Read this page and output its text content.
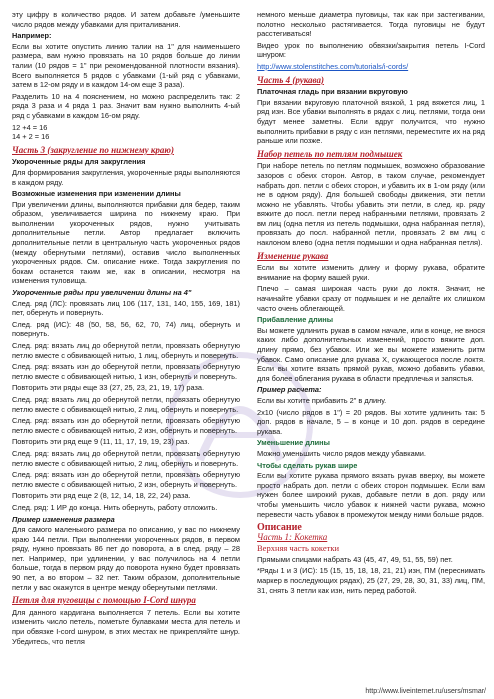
эту цифру в количество рядов. И затем добавьте /уменьшите число рядов между убавками для приталивания.

Например:

Если вы хотите опустить линию талии на 1" для наименьшего размера, вам нужно провязать на 10 рядов больше до линии талии (10 рядов = 1" при рекомендованной плотности вязания). Всего выполняется 5 рядов с убавками (1-ый ряд с убавками, затем в 12-ом ряду и в каждом 14-ом еще 3 раза).

Разделить 10 на 4 пояснением, но можно распределить так: 2 ряда 3 раза и 4 ряда 1 раз. Значит вам нужно выполнить 4-ый ряд с убавками в каждом 16-ом ряду.

12 +4 = 16
14 + 2 = 16
Часть 3 (закругление по нижнему краю)
Укороченные ряды для закругления

Для формирования закругления, укороченные ряды выполняются в каждом ряду.

Возможные изменения при изменении длины

При увеличении длины, выполняются прибавки для бедер, таким образом, увеличивается ширина по нижнему краю. При выполнении укороченных рядов, нужно учитывать дополнительные петли. Автор предлагает включить дополнительные петли в центральную часть укороченных рядов (между обернутыми петлями), оставив число выполненных укороченных рядов. См. описание ниже. Тогда закругления по бокам останется таким же, как в описании, несмотря на изменения туловища.

Укороченные ряды при увеличении длины на 4"

След. ряд (ЛС): провязать лиц 106 (117, 131, 140, 155, 169, 181) пет, обернуть и повернуть.

След. ряд (ИС): 48 (50, 58, 56, 62, 70, 74) лиц, обернуть и повернуть.

След. ряд: вязать лиц до обернутой петли, провязать обернутую петлю вместе с обвивающей нитью, 1 лиц, обернуть и повернуть.

След. ряд: вязать изн до обернутой петли, провязать обернутую петлю вместе с обвивающей нитью, 1 изн, обернуть и повернуть.

Повторить эти ряды еще 33 (27, 25, 23, 21, 19, 17) раза.

След. ряд: вязать лиц до обернутой петли, провязать обернутую петлю вместе с обвивающей нитью, 2 лиц, обернуть и повернуть.

След. ряд: вязать изн до обернутой петли, провязать обернутую петлю вместе с обвивающей нитью, 2 изн, обернуть и повернуть.

Повторить эти ряд еще 9 (11, 11, 17, 19, 19, 23) раз.

След. ряд: вязать лиц до обернутой петли, провязать обернутую петлю вместе с обвивающей нитью, 2 лиц, обернуть и повернуть.

След. ряд: вязать изн до обернутой петли, провязать обернутую петлю вместе с обвивающей нитью, 2 изн, обернуть и повернуть.

Повторить эти ряд еще 2 (8, 12, 14, 18, 22, 24) раза.

След. ряд: 1 ИР до конца. Нить обернуть, работу отложить.

Пример изменения размера

Для самого маленького размера по описанию, у вас по нижнему краю 144 петли. При выполнении укороченных рядов, в первом ряду, нужно провязать 86 пет до поворота, а в след. ряду – 28 пет. Например, при удлинении, у вас получилось на 4 петли больше, тогда в первом ряду до поворота нужно будет провязать 90 пет, а во втором – 32 пет. Таким образом, дополнительные петли у вас окажутся в центре между обернутыми петлями.

Петля для пуговицы с помощью I-Cord шнура

Для данного кардигана выполняется 7 петель. Если вы хотите изменить число петель, пометьте булавками места для петель и при обвязке I-cord шнуром, в этих местах не прикрепляйте шнур. Убедитесь, что петля

немного меньше диаметра пуговицы, так как при застегивании, полотно несколько растягивается. Тогда пуговицы не будут расстегиваться!

Видео урок по выполнению обвязки/закрытия петель I-Cord шнуром:

http://www.stolenstitches.com/tutorials/i-cords/
Часть 4 (рукава)
Платочная гладь при вязании вкруговую

При вязании вкруговую платочной вязкой, 1 ряд вяжется лиц, 1 ряд изн. Все убавки выполнять в рядах с лиц. петлями, тогда они будут менее заметны. Если вдруг получится, что нужно выполнить прибавки в ряду с изн петлями, переместите их на ряд раньше или позже.

Набор петель по петлям подмышек

При наборе петель по петлям подмышек, возможно образование зазоров с обеих сторон. Автор, в таком случае, рекомендует набрать доп. петли с обеих сторон, и убавить их в 1-ом ряду (или не в одном ряду). Для большей свободы движения, эти петли можно не убавлять. Чтобы убавить эти петли, в след. кр. ряду вяжите до посл. петли перед набранными петлями, провязать 2 вм лиц (одна петля из петель подмышки, одна набранная петля), провязать до посл. набранной петли, провязать 2 вм лиц с наклоном влево (одна петля подмышки и одна набранная петля).

Изменение рукава

Если вы хотите изменить длину и форму рукава, обратите внимание на форму вашей руки.

Плечо – самая широкая часть руки до локтя. Значит, не начинайте убавки сразу от подмышек и не делайте их слишком часто очень облегающей.

Прибавление длины

Вы можете удлинить рукав в самом начале, или в конце, не внося каких либо дополнительных изменений, просто вяжите доп. длину прямо, без убавок. Или же вы можете изменить ритм убавок. Само описание для рукава Х, сужающегося после локтя. Если вы хотите вязать прямой рукав, можно добавить убавки, для более облегания рукава в области предплечья и запястья.

Пример расчета:

Если вы хотите прибавить 2" в длину.

2х10 (число рядов в 1") = 20 рядов. Вы хотите удлинить так: 5 доп. рядов в начале, 5 – в конце и 10 доп. рядов в середине рукава.

Уменьшение длины

Можно уменьшить число рядов между убавками.

Чтобы сделать рукав шире

Если вы хотите рукава прямого вязать рукав вверху, вы можете просто набрать доп. петли с обеих сторон подмышек. Если вам нужен более широкий рукав, добавьте петли в доп. ряду или чтобы уменьшить число убавок к нижней части рукава, можно перевести часть убавок в промежуток между ними больше рядов.

Описание
Часть 1: Кокетка
Верхняя часть кокетки

Прямыми спицами набрать 43 (45, 47, 49, 51, 55, 59) пет.

*Ряды 1 и 3 (ИС): 15 (15, 15, 18, 18, 21, 21) изн, ПМ (переснимать маркер в последующих рядах), 25 (27, 29, 28, 30, 31, 33) лиц, ПМ, 31, снять 3 петли как изн, нить перед работой.

http://www.liveinternet.ru/users/msmar/
